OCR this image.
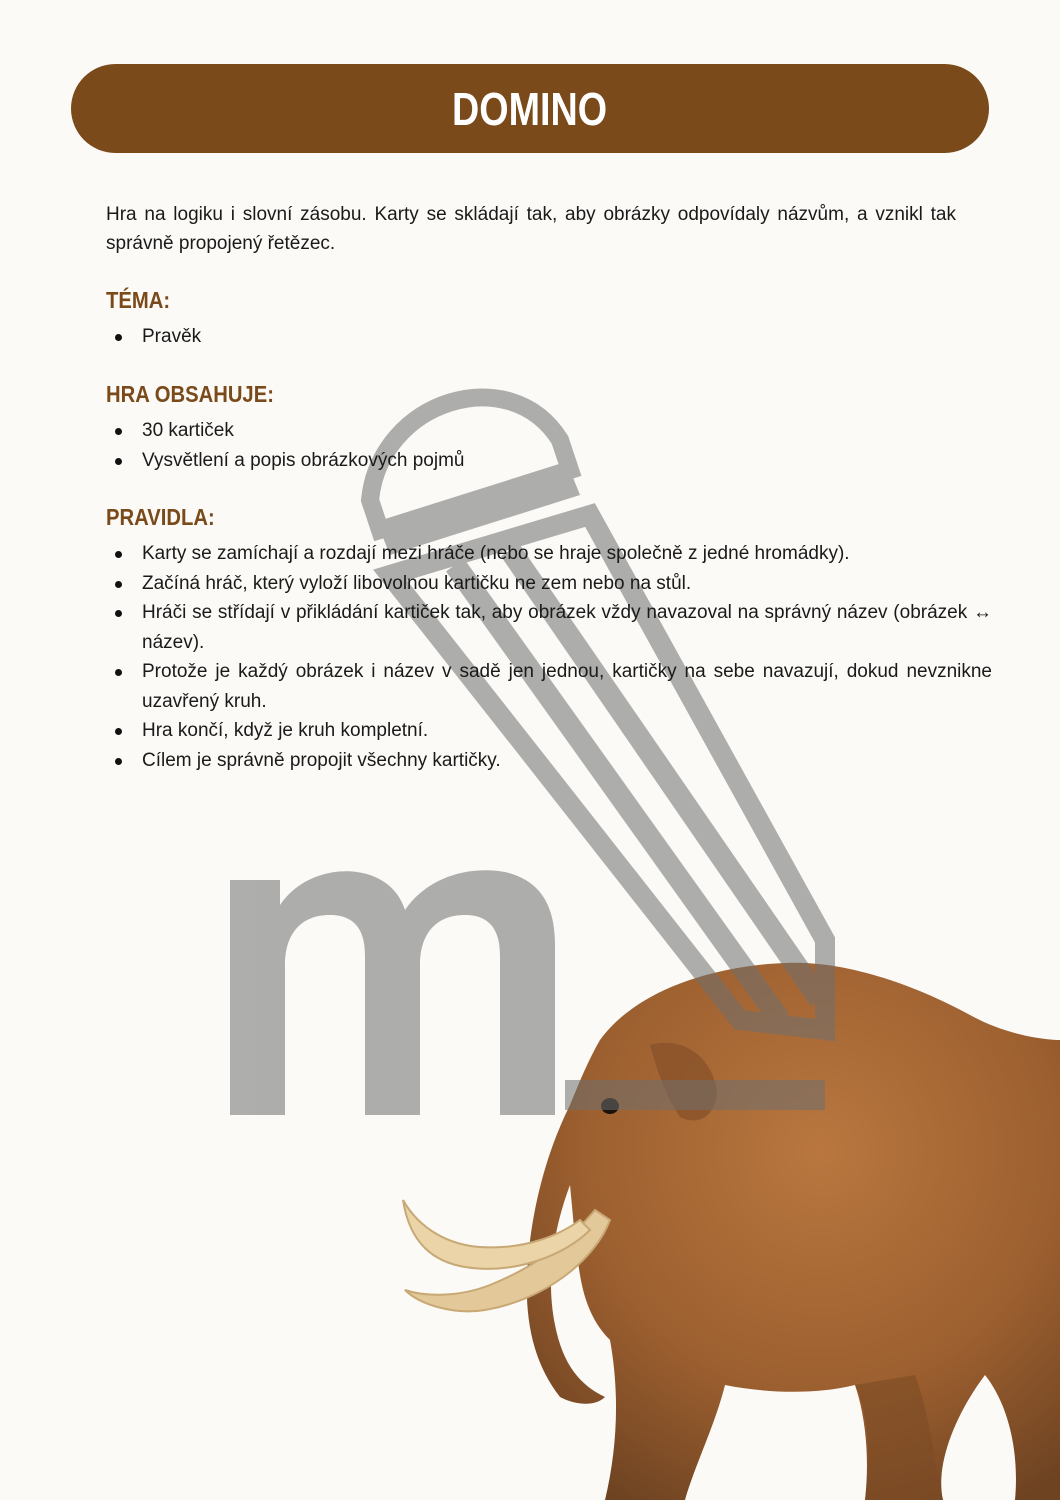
DOMINO

Hra na logiku i slovní zásobu. Karty se skládají tak, aby obrázky odpovídaly názvům, a vznikl tak správně propojený řetězec.

TÉMA:
Pravěk
HRA OBSAHUJE:
30 kartiček
Vysvětlení a popis obrázkových pojmů
PRAVIDLA:
Karty se zamíchají a rozdají mezi hráče (nebo se hraje společně z jedné hromádky).
Začíná hráč, který vyloží libovolnou kartičku ne zem nebo na stůl.
Hráči se střídají v přikládání kartiček tak, aby obrázek vždy navazoval na správný název (obrázek ↔ název).
Protože je každý obrázek i název v sadě jen jednou, kartičky na sebe navazují, dokud nevznikne uzavřený kruh.
Hra končí, když je kruh kompletní.
Cílem je správně propojit všechny kartičky.
